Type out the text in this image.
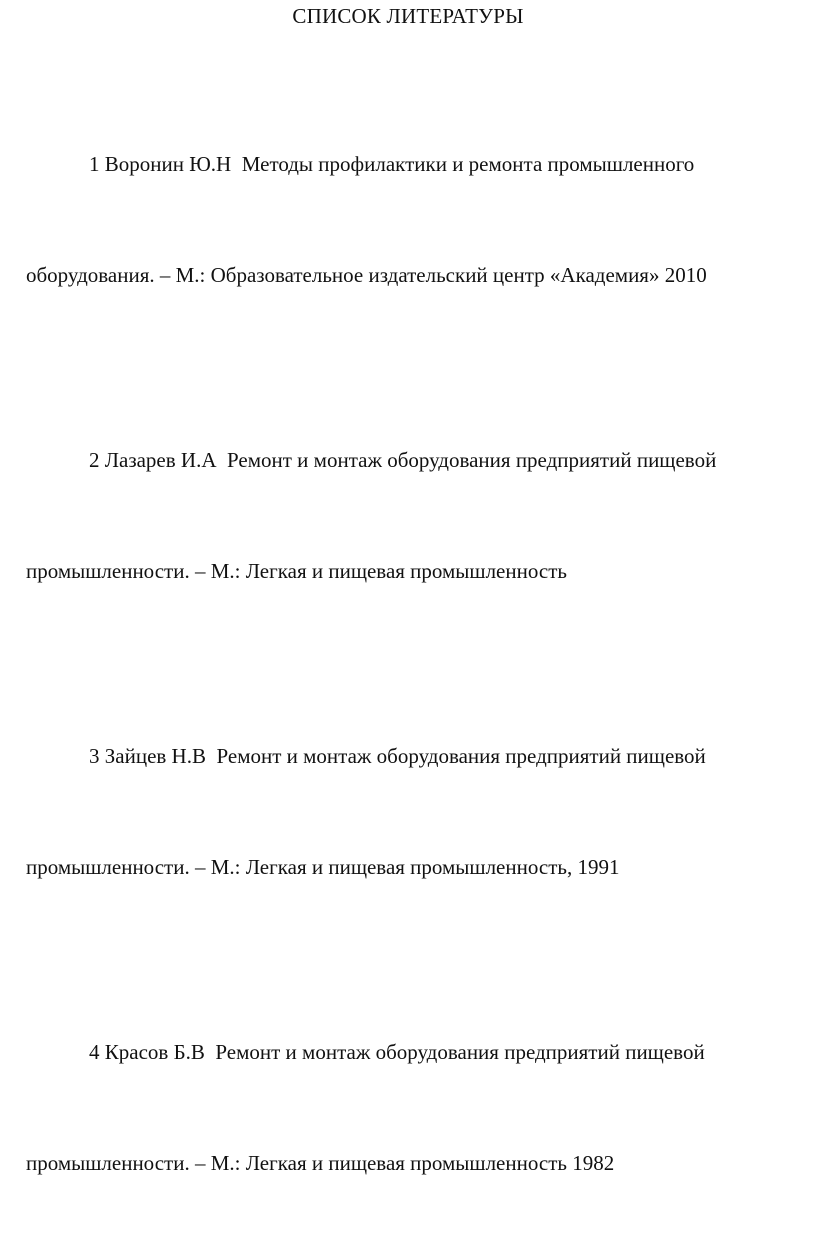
СПИСОК ЛИТЕРАТУРЫ

1 Воронин Ю.Н  Методы профилактики и ремонта промышленного

оборудования. – М.: Образовательное издательский центр «Академия» 2010

2 Лазарев И.А  Ремонт и монтаж оборудования предприятий пищевой

промышленности. – М.: Легкая и пищевая промышленность

3 Зайцев Н.В  Ремонт и монтаж оборудования предприятий пищевой

промышленности. – М.: Легкая и пищевая промышленность, 1991

4 Красов Б.В  Ремонт и монтаж оборудования предприятий пищевой

промышленности. – М.: Легкая и пищевая промышленность 1982
